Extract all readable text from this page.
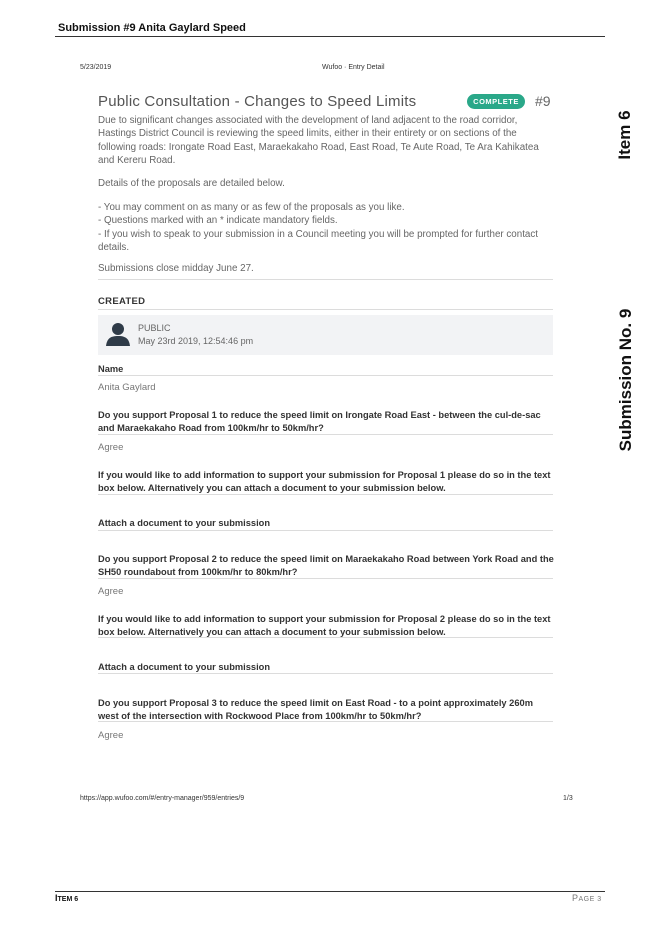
Submission #9 Anita Gaylard Speed
5/23/2019	Wufoo · Entry Detail
Public Consultation - Changes to Speed Limits	COMPLETE	#9
Due to significant changes associated with the development of land adjacent to the road corridor, Hastings District Council is reviewing the speed limits, either in their entirety or on sections of the following roads: Irongate Road East, Maraekakaho Road, East Road, Te Aute Road, Te Ara Kahikatea and Kereru Road.
Details of the proposals are detailed below.
- You may comment on as many or as few of the proposals as you like.
- Questions marked with an * indicate mandatory fields.
- If you wish to speak to your submission in a Council meeting you will be prompted for further contact details.
Submissions close midday June 27.
CREATED
PUBLIC
May 23rd 2019, 12:54:46 pm
Name
Anita Gaylard
Do you support Proposal 1 to reduce the speed limit on Irongate Road East - between the cul-de-sac and Maraekakaho Road from 100km/hr to 50km/hr?
Agree
If you would like to add information to support your submission for Proposal 1 please do so in the text box below. Alternatively you can attach a document to your submission below.
Attach a document to your submission
Do you support Proposal 2 to reduce the speed limit on Maraekakaho Road between York Road and the SH50 roundabout from 100km/hr to 80km/hr?
Agree
If you would like to add information to support your submission for Proposal 2 please do so in the text box below. Alternatively you can attach a document to your submission below.
Attach a document to your submission
Do you support Proposal 3 to reduce the speed limit on East Road - to a point approximately 260m west of the intersection with Rockwood Place from 100km/hr to 50km/hr?
Agree
https://app.wufoo.com/#/entry-manager/959/entries/9	1/3
Item 6
Submission No. 9
ITEM 6	PAGE 3
